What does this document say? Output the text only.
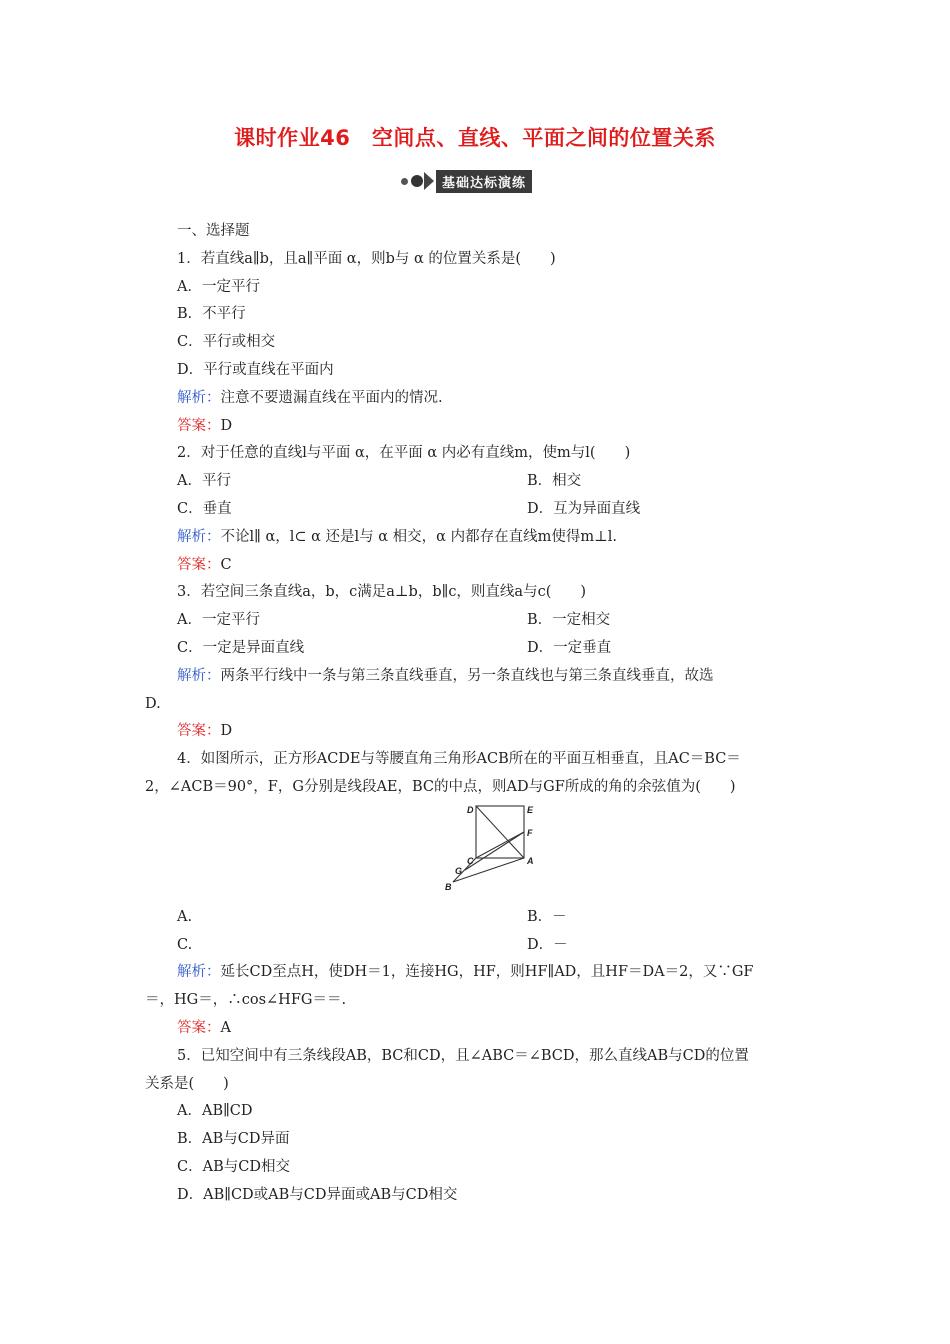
课时作业46　空间点、直线、平面之间的位置关系
基础达标演练
一、选择题
1．若直线a∥b，且a∥平面 α，则b与 α 的位置关系是(　　)
A．一定平行
B．不平行
C．平行或相交
D．平行或直线在平面内
解析：注意不要遗漏直线在平面内的情况.
答案：D
2．对于任意的直线l与平面 α，在平面 α 内必有直线m，使m与l(　　)
A．平行	B．相交
C．垂直	D．互为异面直线
解析：不论l∥ α，l⊂ α 还是l与 α 相交，α 内都存在直线m使得m⊥l.
答案：C
3．若空间三条直线a，b，c满足a⊥b，b∥c，则直线a与c(　　)
A．一定平行	B．一定相交
C．一定是异面直线	D．一定垂直
解析：两条平行线中一条与第三条直线垂直，另一条直线也与第三条直线垂直，故选
D.
答案：D
4．如图所示，正方形ACDE与等腰直角三角形ACB所在的平面互相垂直，且AC＝BC＝
2，∠ACB＝90°，F，G分别是线段AE，BC的中点，则AD与GF所成的角的余弦值为(　　)
D	E
F
C	A
G
B
A.	B．－
C.	D．－
解析：延长CD至点H，使DH＝1，连接HG，HF，则HF∥AD，且HF＝DA＝2，又∵GF
＝，HG＝，∴cos∠HFG＝＝.
答案：A
5．已知空间中有三条线段AB，BC和CD，且∠ABC＝∠BCD，那么直线AB与CD的位置
关系是(　　)
A．AB∥CD
B．AB与CD异面
C．AB与CD相交
D．AB∥CD或AB与CD异面或AB与CD相交
